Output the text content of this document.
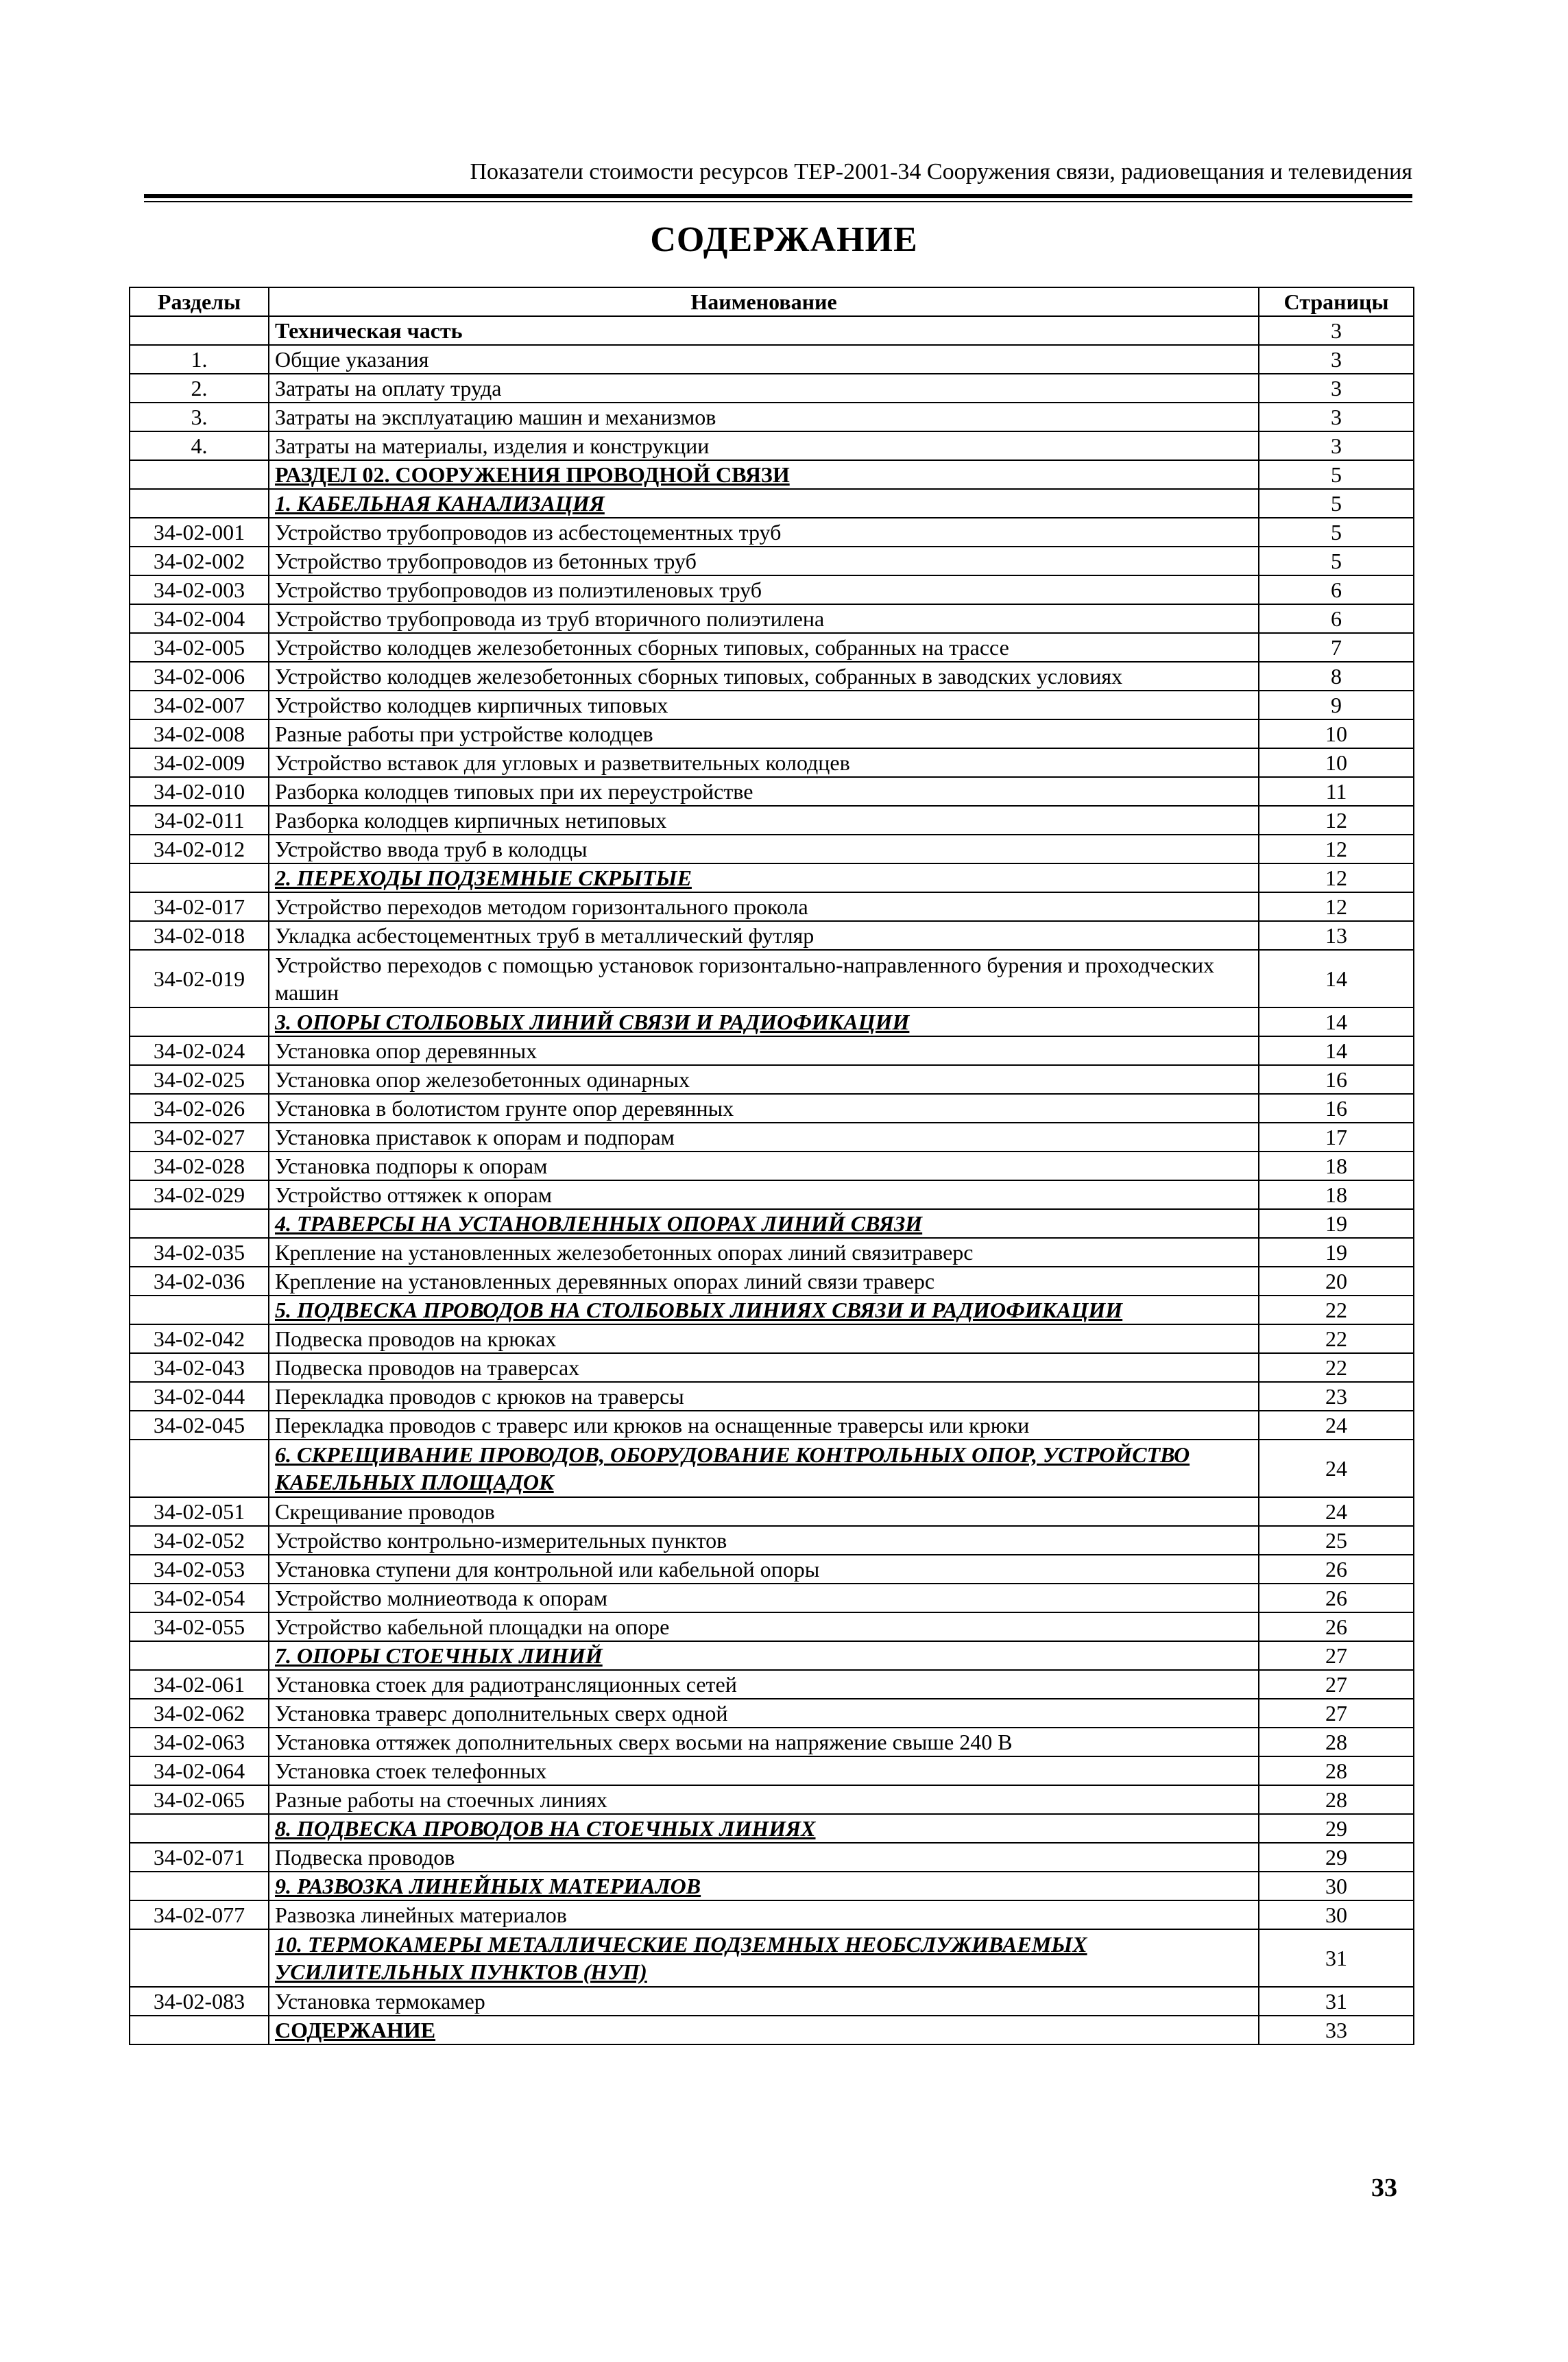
Показатели стоимости ресурсов ТЕР-2001-34 Сооружения связи, радиовещания и телевидения
СОДЕРЖАНИЕ
Разделы	Наименование	Страницы
	Техническая часть	3
1.	Общие указания	3
2.	Затраты на оплату труда	3
3.	Затраты на эксплуатацию машин и механизмов	3
4.	Затраты на материалы, изделия и конструкции	3
	РАЗДЕЛ 02. СООРУЖЕНИЯ ПРОВОДНОЙ СВЯЗИ	5
	1. КАБЕЛЬНАЯ КАНАЛИЗАЦИЯ	5
34-02-001	Устройство трубопроводов из асбестоцементных труб	5
34-02-002	Устройство трубопроводов из бетонных труб	5
34-02-003	Устройство трубопроводов из полиэтиленовых труб	6
34-02-004	Устройство трубопровода из труб вторичного полиэтилена	6
34-02-005	Устройство колодцев железобетонных сборных типовых, собранных на трассе	7
34-02-006	Устройство колодцев железобетонных сборных типовых, собранных в заводских условиях	8
34-02-007	Устройство колодцев кирпичных типовых	9
34-02-008	Разные работы при устройстве колодцев	10
34-02-009	Устройство вставок для угловых и разветвительных колодцев	10
34-02-010	Разборка колодцев типовых при их переустройстве	11
34-02-011	Разборка колодцев кирпичных нетиповых	12
34-02-012	Устройство ввода труб в колодцы	12
	2. ПЕРЕХОДЫ ПОДЗЕМНЫЕ СКРЫТЫЕ	12
34-02-017	Устройство переходов методом горизонтального прокола	12
34-02-018	Укладка асбестоцементных труб в металлический футляр	13
34-02-019	Устройство переходов с помощью установок горизонтально-направленного бурения и проходческих машин	14
	3. ОПОРЫ СТОЛБОВЫХ ЛИНИЙ СВЯЗИ И РАДИОФИКАЦИИ	14
34-02-024	Установка опор деревянных	14
34-02-025	Установка опор железобетонных одинарных	16
34-02-026	Установка в болотистом грунте опор деревянных	16
34-02-027	Установка приставок к опорам и подпорам	17
34-02-028	Установка подпоры к опорам	18
34-02-029	Устройство оттяжек к опорам	18
	4. ТРАВЕРСЫ НА УСТАНОВЛЕННЫХ ОПОРАХ ЛИНИЙ СВЯЗИ	19
34-02-035	Крепление на установленных железобетонных опорах линий связитраверс	19
34-02-036	Крепление на установленных деревянных опорах линий связи траверс	20
	5. ПОДВЕСКА ПРОВОДОВ НА СТОЛБОВЫХ ЛИНИЯХ СВЯЗИ И РАДИОФИКАЦИИ	22
34-02-042	Подвеска проводов на крюках	22
34-02-043	Подвеска проводов на траверсах	22
34-02-044	Перекладка проводов с крюков на траверсы	23
34-02-045	Перекладка проводов с траверс или крюков на оснащенные траверсы или крюки	24
	6. СКРЕЩИВАНИЕ ПРОВОДОВ, ОБОРУДОВАНИЕ КОНТРОЛЬНЫХ ОПОР, УСТРОЙСТВО КАБЕЛЬНЫХ ПЛОЩАДОК	24
34-02-051	Скрещивание проводов	24
34-02-052	Устройство контрольно-измерительных пунктов	25
34-02-053	Установка ступени для контрольной или кабельной опоры	26
34-02-054	Устройство молниеотвода к опорам	26
34-02-055	Устройство кабельной площадки на опоре	26
	7. ОПОРЫ СТОЕЧНЫХ ЛИНИЙ	27
34-02-061	Установка стоек для радиотрансляционных сетей	27
34-02-062	Установка траверс дополнительных сверх одной	27
34-02-063	Установка оттяжек дополнительных сверх восьми на напряжение свыше 240 В	28
34-02-064	Установка стоек телефонных	28
34-02-065	Разные работы на стоечных линиях	28
	8. ПОДВЕСКА ПРОВОДОВ НА СТОЕЧНЫХ ЛИНИЯХ	29
34-02-071	Подвеска проводов	29
	9. РАЗВОЗКА ЛИНЕЙНЫХ МАТЕРИАЛОВ	30
34-02-077	Развозка линейных материалов	30
	10. ТЕРМОКАМЕРЫ МЕТАЛЛИЧЕСКИЕ ПОДЗЕМНЫХ НЕОБСЛУЖИВАЕМЫХ УСИЛИТЕЛЬНЫХ ПУНКТОВ (НУП)	31
34-02-083	Установка термокамер	31
	СОДЕРЖАНИЕ	33
33
